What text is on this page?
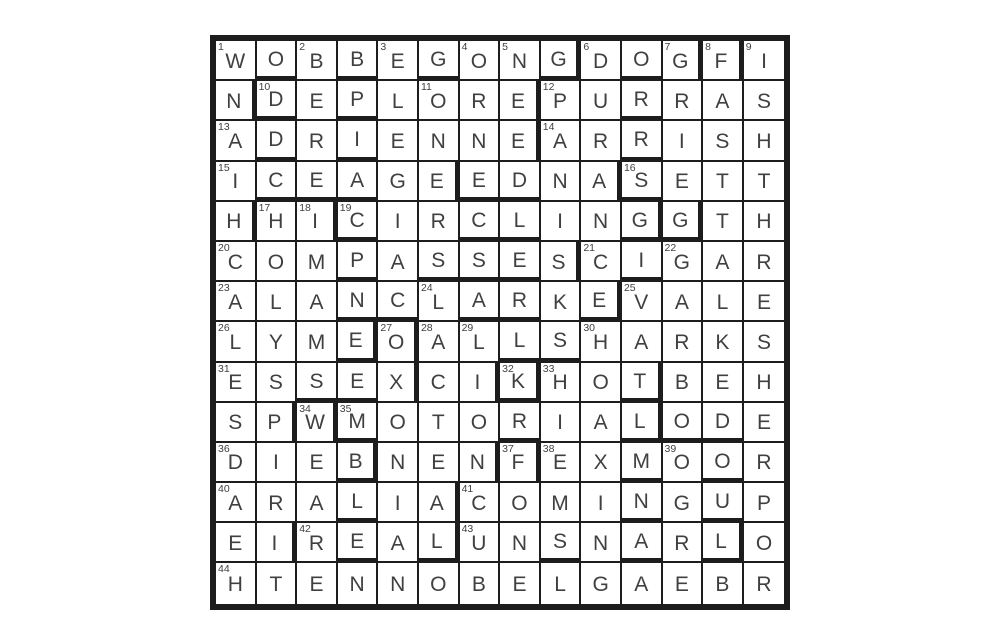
1
W O
2
B B
3
E G
4
O
5
N G
6
D O
7
G
8
F
9
I
N
10
D E P L
11
O R E
12
P U R R A S
13
A D R I E N N E
14
A R R I S H
15
I C E A G E E D N A
16
S E T T
H
17
H
18
I
19
C I R C L I N G G T H
20
C O M P A S S E S
21
C I
22
G A R
23
A L A N C
24
L A R K E
25
V A L E
26
L Y M E
27
O
28
A
29
L L S
30
H A R K S
31
E S S E X C I
32
K
33
H O T B E H
S P
34
W
35
M O T O R I A L O D E
36
D I E B N E N
37
F
38
E X M
39
O O R
40
A R A L I A
41
C O M I N G U P
E I
42
R E A L
43
U N S N A R L O
44
H T E N N O B E L G A E B R
